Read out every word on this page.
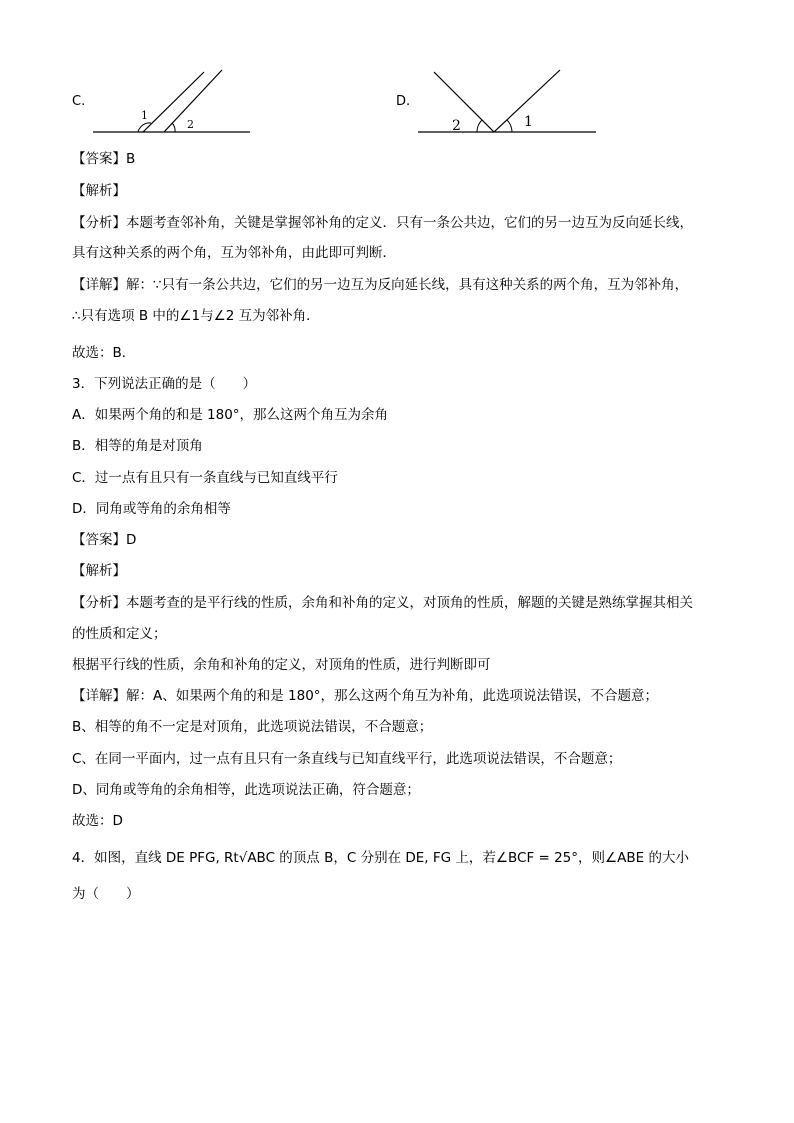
C.
1
2
D.
2	1
【答案】B
【解析】
【分析】本题考查邻补角，关键是掌握邻补角的定义．只有一条公共边，它们的另一边互为反向延长线，
具有这种关系的两个角，互为邻补角，由此即可判断．
【详解】解：∵只有一条公共边，它们的另一边互为反向延长线，具有这种关系的两个角，互为邻补角，
∴只有选项 B 中的∠1与∠2 互为邻补角．
故选：B．
3．下列说法正确的是（　　）
A．如果两个角的和是 180°，那么这两个角互为余角
B．相等的角是对顶角
C．过一点有且只有一条直线与已知直线平行
D．同角或等角的余角相等
【答案】D
【解析】
【分析】本题考查的是平行线的性质，余角和补角的定义，对顶角的性质，解题的关键是熟练掌握其相关
的性质和定义；
根据平行线的性质，余角和补角的定义，对顶角的性质，进行判断即可
【详解】解：A、如果两个角的和是 180°，那么这两个角互为补角，此选项说法错误，不合题意；
B、相等的角不一定是对顶角，此选项说法错误，不合题意；
C、在同一平面内，过一点有且只有一条直线与已知直线平行，此选项说法错误，不合题意；
D、同角或等角的余角相等，此选项说法正确，符合题意；
故选：D
4．如图，直线 DE PFG, Rt√ABC 的顶点 B，C 分别在 DE, FG 上，若∠BCF = 25°，则∠ABE 的大小
为（　　）
